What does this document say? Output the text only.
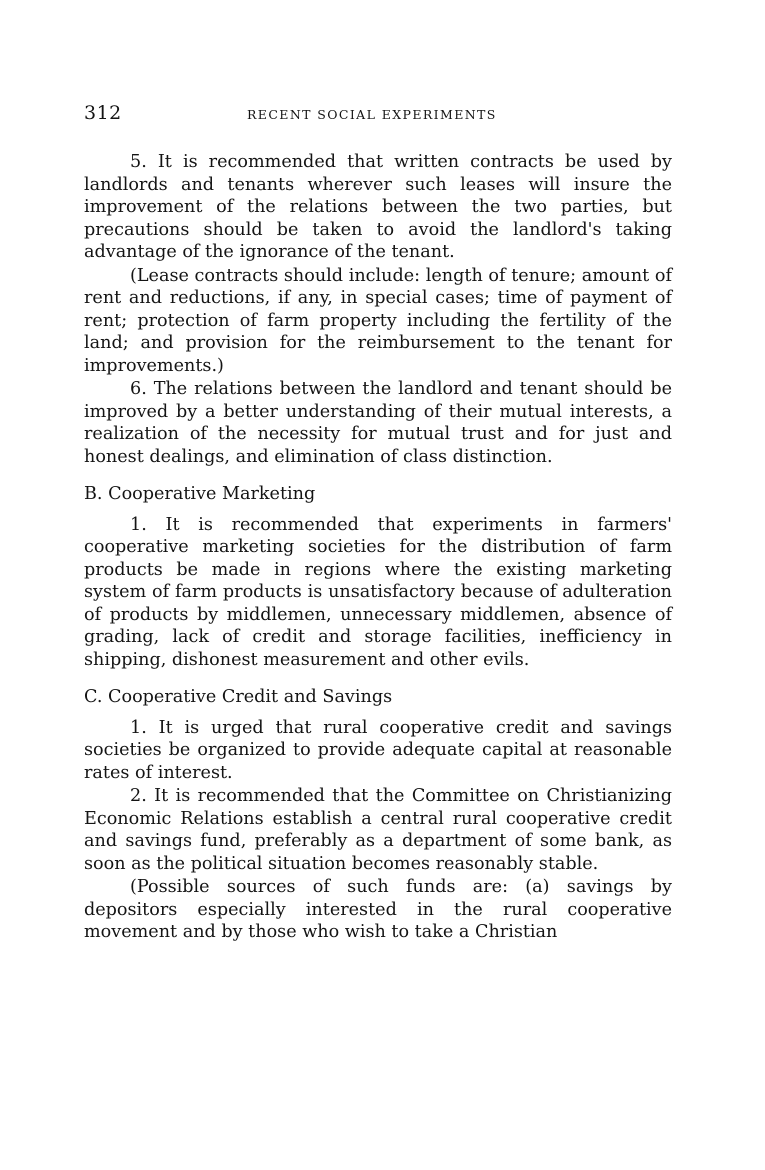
312	RECENT SOCIAL EXPERIMENTS

5. It is recommended that written contracts be used by landlords and tenants wherever such leases will insure the improvement of the relations between the two parties, but precautions should be taken to avoid the landlord's taking advantage of the ignorance of the tenant.

(Lease contracts should include: length of tenure; amount of rent and reductions, if any, in special cases; time of payment of rent; protection of farm property including the fertility of the land; and provision for the reimbursement to the tenant for improvements.)

6. The relations between the landlord and tenant should be improved by a better understanding of their mutual interests, a realization of the necessity for mutual trust and for just and honest dealings, and elimination of class distinction.

B. Cooperative Marketing

1. It is recommended that experiments in farmers' cooperative marketing societies for the distribution of farm products be made in regions where the existing marketing system of farm products is unsatisfactory because of adulteration of products by middlemen, unnecessary middlemen, absence of grading, lack of credit and storage facilities, inefficiency in shipping, dishonest measurement and other evils.

C. Cooperative Credit and Savings

1. It is urged that rural cooperative credit and savings societies be organized to provide adequate capital at reasonable rates of interest.

2. It is recommended that the Committee on Christianizing Economic Relations establish a central rural cooperative credit and savings fund, preferably as a department of some bank, as soon as the political situation becomes reasonably stable.

(Possible sources of such funds are: (a) savings by depositors especially interested in the rural cooperative movement and by those who wish to take a Christian
